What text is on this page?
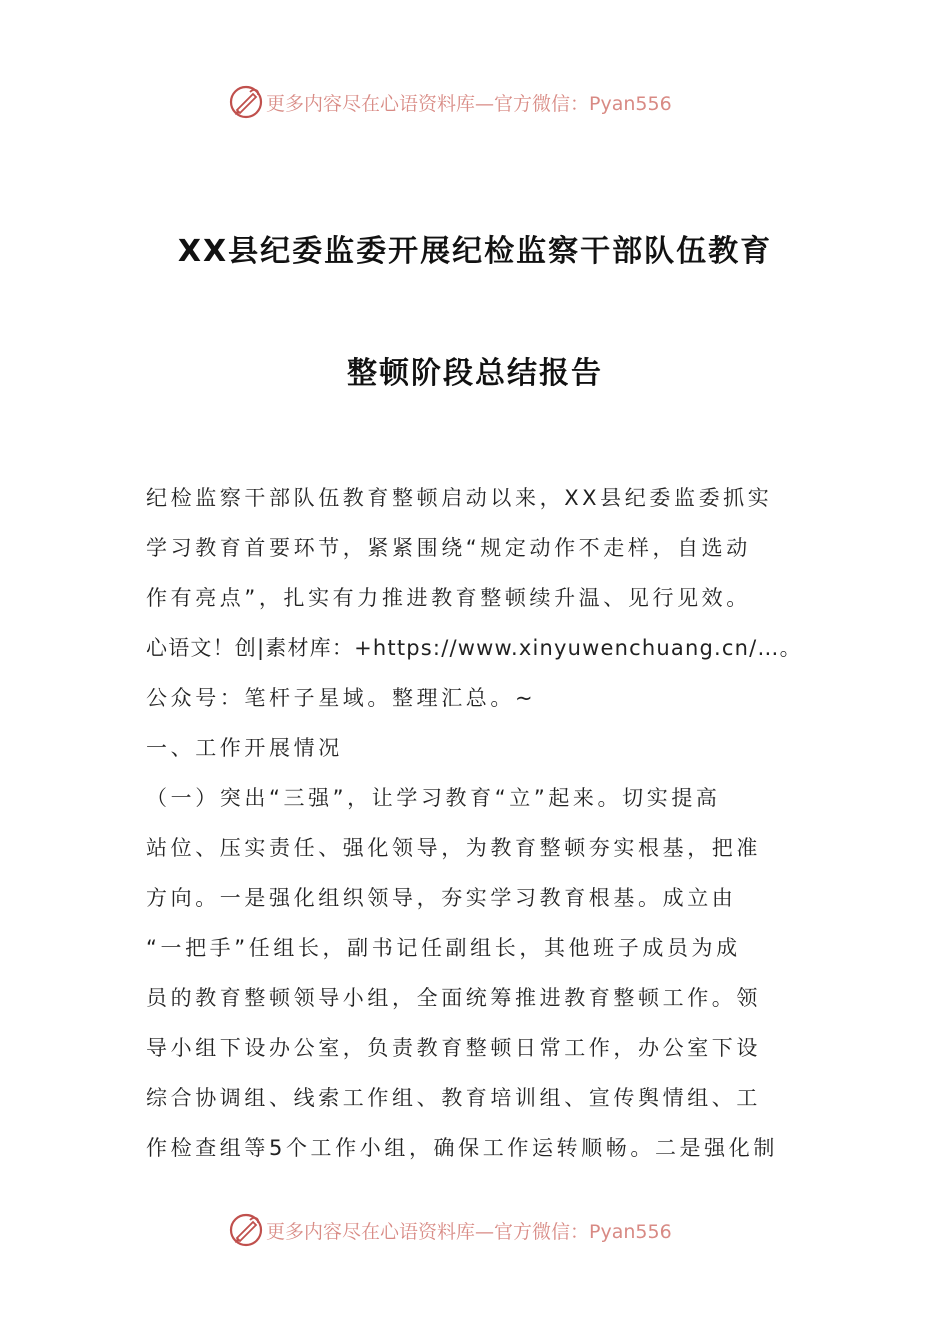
更多内容尽在心语资料库—官方微信：Pyan556
XX县纪委监委开展纪检监察干部队伍教育
整顿阶段总结报告
纪检监察干部队伍教育整顿启动以来，XX县纪委监委抓实
学习教育首要环节，紧紧围绕“规定动作不走样，自选动
作有亮点”，扎实有力推进教育整顿续升温、见行见效。
心语文！创|素材库：+https://www.xinyuwenchuang.cn/…。
公众号：笔杆子星域。整理汇总。~
一、工作开展情况
（一）突出“三强”，让学习教育“立”起来。切实提高
站位、压实责任、强化领导，为教育整顿夯实根基，把准
方向。一是强化组织领导，夯实学习教育根基。成立由
“一把手”任组长，副书记任副组长，其他班子成员为成
员的教育整顿领导小组，全面统筹推进教育整顿工作。领
导小组下设办公室，负责教育整顿日常工作，办公室下设
综合协调组、线索工作组、教育培训组、宣传舆情组、工
作检查组等5个工作小组，确保工作运转顺畅。二是强化制
更多内容尽在心语资料库—官方微信：Pyan556
